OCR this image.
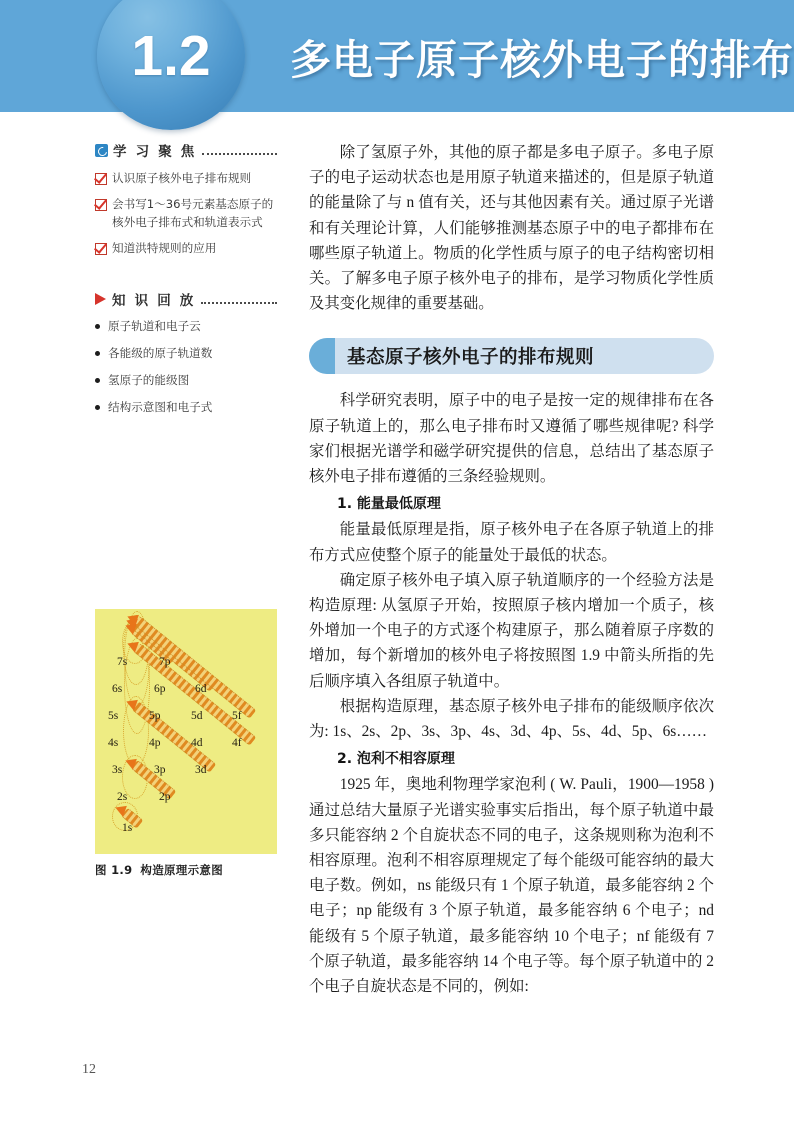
1.2	多电子原子核外电子的排布
学 习 聚 焦
认识原子核外电子排布规则
会书写1～36号元素基态原子的核外电子排布式和轨道表示式
知道洪特规则的应用
知 识 回 放
原子轨道和电子云
各能级的原子轨道数
氢原子的能级图
结构示意图和电子式
7s	7p
6s	6p	6d
5s	5p	5d	5f
4s	4p	4d	4f
3s	3p	3d
2s	2p
1s
图 1.9 构造原理示意图

除了氢原子外，其他的原子都是多电子原子。多电子原子的电子运动状态也是用原子轨道来描述的，但是原子轨道的能量除了与 n 值有关，还与其他因素有关。通过原子光谱和有关理论计算，人们能够推测基态原子中的电子都排布在哪些原子轨道上。物质的化学性质与原子的电子结构密切相关。了解多电子原子核外电子的排布，是学习物质化学性质及其变化规律的重要基础。

基态原子核外电子的排布规则

科学研究表明，原子中的电子是按一定的规律排布在各原子轨道上的，那么电子排布时又遵循了哪些规律呢? 科学家们根据光谱学和磁学研究提供的信息，总结出了基态原子核外电子排布遵循的三条经验规则。

1. 能量最低原理

能量最低原理是指，原子核外电子在各原子轨道上的排布方式应使整个原子的能量处于最低的状态。

确定原子核外电子填入原子轨道顺序的一个经验方法是构造原理: 从氢原子开始，按照原子核内增加一个质子，核外增加一个电子的方式逐个构建原子，那么随着原子序数的增加，每个新增加的核外电子将按照图 1.9 中箭头所指的先后顺序填入各组原子轨道中。

根据构造原理，基态原子核外电子排布的能级顺序依次为: 1s、2s、2p、3s、3p、4s、3d、4p、5s、4d、5p、6s……

2. 泡利不相容原理

1925 年，奥地利物理学家泡利 ( W. Pauli，1900—1958 ) 通过总结大量原子光谱实验事实后指出，每个原子轨道中最多只能容纳 2 个自旋状态不同的电子，这条规则称为泡利不相容原理。泡利不相容原理规定了每个能级可能容纳的最大电子数。例如，ns 能级只有 1 个原子轨道，最多能容纳 2 个电子；np 能级有 3 个原子轨道，最多能容纳 6 个电子；nd 能级有 5 个原子轨道，最多能容纳 10 个电子；nf 能级有 7 个原子轨道，最多能容纳 14 个电子等。每个原子轨道中的 2 个电子自旋状态是不同的，例如:

12
